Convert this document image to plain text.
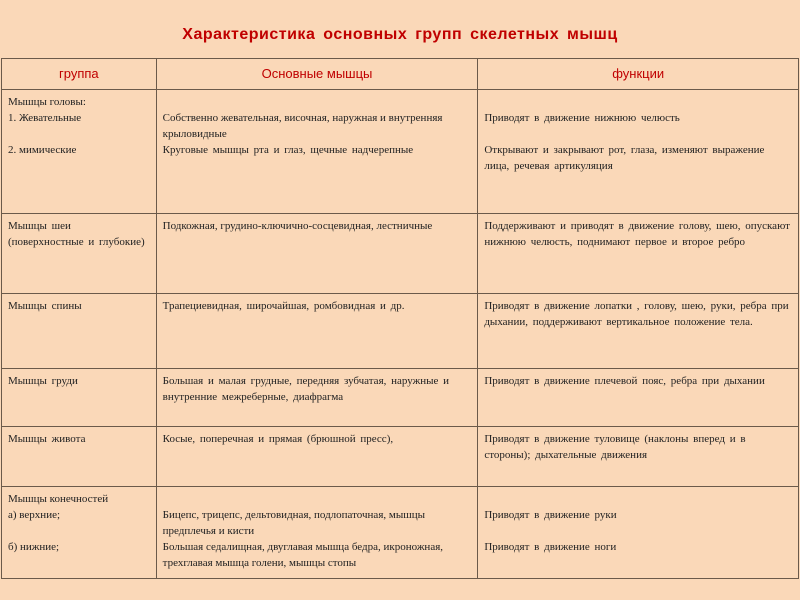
Характеристика основных групп скелетных мышц
группа	Основные мышцы	функции

Мышцы головы:
1. Жевательные
2. мимические	Собственно жевательная, височная, наружная и внутренняя крыловидные
Круговые мышцы рта и глаз, щечные надчерепные	Приводят в движение нижнюю челюсть
Открывают и закрывают рот, глаза, изменяют выражение лица, речевая артикуляция

Мышцы шеи (поверхностные и глубокие)	Подкожная, грудино-ключично-сосцевидная, лестничные	Поддерживают и приводят в движение голову, шею, опускают нижнюю челюсть, поднимают первое и второе ребро

Мышцы спины	Трапециевидная, широчайшая, ромбовидная и др.	Приводят в движение лопатки , голову, шею, руки, ребра при дыхании, поддерживают вертикальное положение тела.

Мышцы груди	Большая и малая грудные, передняя зубчатая, наружные и внутренние межреберные, диафрагма	Приводят в движение плечевой пояс, ребра при дыхании

Мышцы живота	Косые, поперечная и прямая (брюшной пресс),	Приводят в движение туловище (наклоны вперед и в стороны); дыхательные движения

Мышцы конечностей
а) верхние;
б) нижние;	Бицепс, трицепс, дельтовидная, подлопаточная, мышцы предплечья и кисти
Большая седалищная, двуглавая мышца бедра, икроножная, трехглавая мышца голени, мышцы стопы	Приводят в движение руки
Приводят в движение ноги
